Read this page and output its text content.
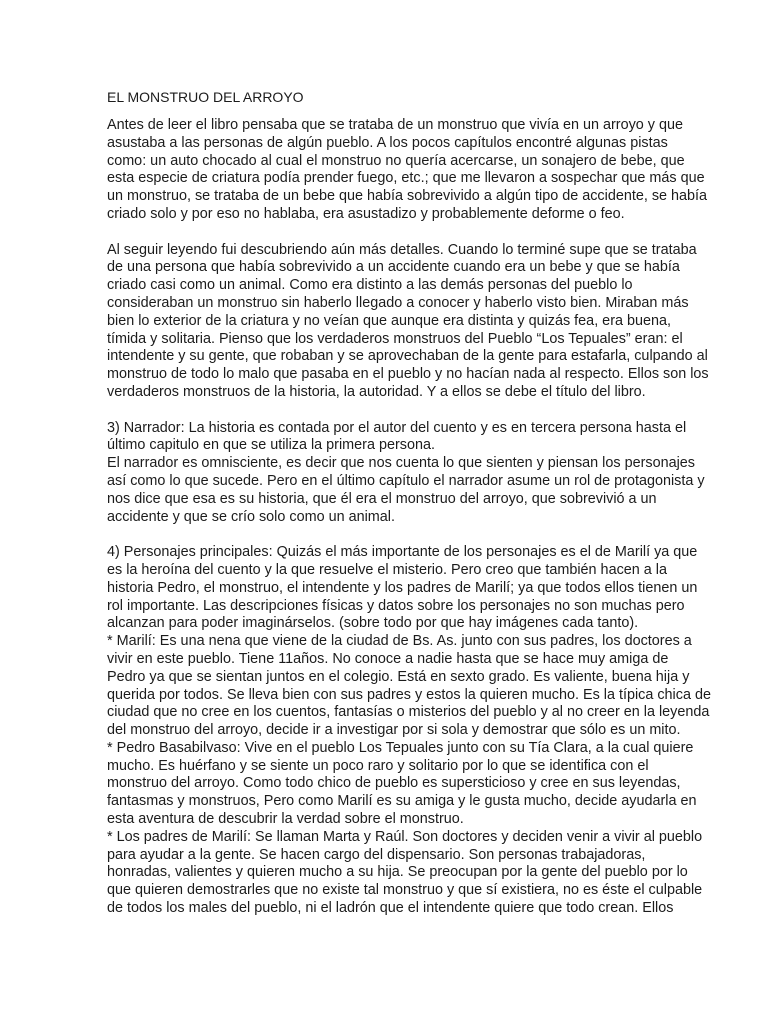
EL MONSTRUO DEL ARROYO
Antes de leer el libro pensaba que se trataba de un monstruo que vivía en un arroyo y que
asustaba a las personas de algún pueblo. A los pocos capítulos encontré algunas pistas
como: un auto chocado al cual el monstruo no quería acercarse, un sonajero de bebe, que
esta especie de criatura podía prender fuego, etc.; que me llevaron a sospechar que más que
un monstruo, se trataba de un bebe que había sobrevivido a algún tipo de accidente, se había
criado solo y por eso no hablaba, era asustadizo y probablemente deforme o feo.
Al seguir leyendo fui descubriendo aún más detalles. Cuando lo terminé supe que se trataba
de una persona que había sobrevivido a un accidente cuando era un bebe y que se había
criado casi como un animal. Como era distinto a las demás personas del pueblo lo
consideraban un monstruo sin haberlo llegado a conocer y haberlo visto bien. Miraban más
bien lo exterior de la criatura y no veían que aunque era distinta y quizás fea, era buena,
tímida y solitaria. Pienso que los verdaderos monstruos del Pueblo “Los Tepuales” eran: el
intendente y su gente, que robaban y se aprovechaban de la gente para estafarla, culpando al
monstruo de todo lo malo que pasaba en el pueblo y no hacían nada al respecto. Ellos son los
verdaderos monstruos de la historia, la autoridad. Y a ellos se debe el título del libro.
3) Narrador: La historia es contada por el autor del cuento y es en tercera persona hasta el
último capitulo en que se utiliza la primera persona.
El narrador es omnisciente, es decir que nos cuenta lo que sienten y piensan los personajes
así como lo que sucede. Pero en el último capítulo el narrador asume un rol de protagonista y
nos dice que esa es su historia, que él era el monstruo del arroyo, que sobrevivió a un
accidente y que se crío solo como un animal.
4) Personajes principales: Quizás el más importante de los personajes es el de Marilí ya que
es la heroína del cuento y la que resuelve el misterio. Pero creo que también hacen a la
historia Pedro, el monstruo, el intendente y los padres de Marilí; ya que todos ellos tienen un
rol importante. Las descripciones físicas y datos sobre los personajes no son muchas pero
alcanzan para poder imaginárselos. (sobre todo por que hay imágenes cada tanto).
* Marilí: Es una nena que viene de la ciudad de Bs. As. junto con sus padres, los doctores a
vivir en este pueblo. Tiene 11años. No conoce a nadie hasta que se hace muy amiga de
Pedro ya que se sientan juntos en el colegio. Está en sexto grado. Es valiente, buena hija y
querida por todos. Se lleva bien con sus padres y estos la quieren mucho. Es la típica chica de
ciudad que no cree en los cuentos, fantasías o misterios del pueblo y al no creer en la leyenda
del monstruo del arroyo, decide ir a investigar por si sola y demostrar que sólo es un mito.
* Pedro Basabilvaso: Vive en el pueblo Los Tepuales junto con su Tía Clara, a la cual quiere
mucho. Es huérfano y se siente un poco raro y solitario por lo que se identifica con el
monstruo del arroyo. Como todo chico de pueblo es supersticioso y cree en sus leyendas,
fantasmas y monstruos, Pero como Marilí es su amiga y le gusta mucho, decide ayudarla en
esta aventura de descubrir la verdad sobre el monstruo.
* Los padres de Marilí: Se llaman Marta y Raúl. Son doctores y deciden venir a vivir al pueblo
para ayudar a la gente. Se hacen cargo del dispensario. Son personas trabajadoras,
honradas, valientes y quieren mucho a su hija. Se preocupan por la gente del pueblo por lo
que quieren demostrarles que no existe tal monstruo y que sí existiera, no es éste el culpable
de todos los males del pueblo, ni el ladrón que el intendente quiere que todo crean. Ellos
